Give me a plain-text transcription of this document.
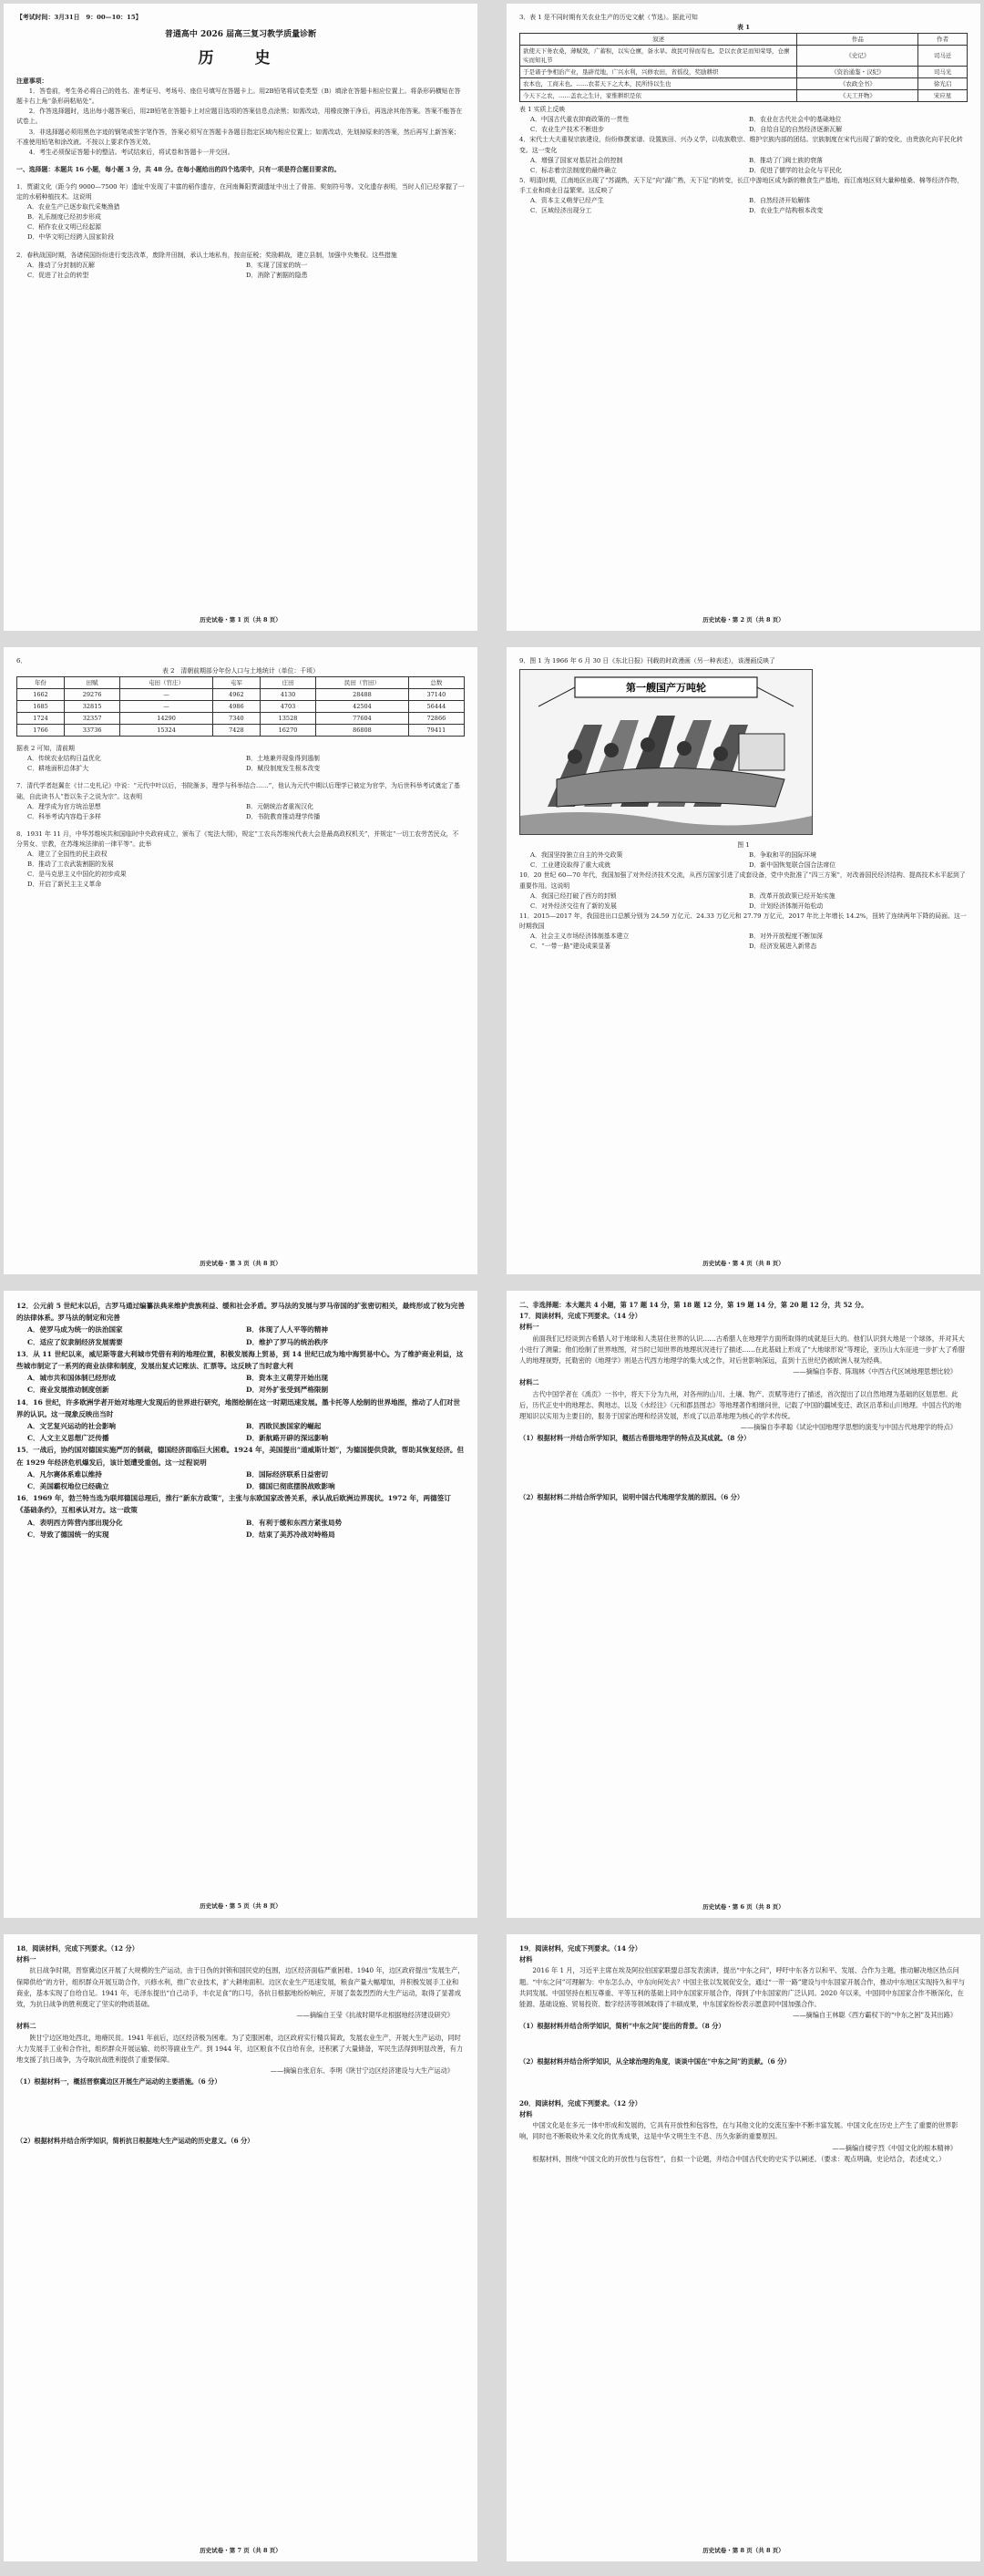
【考试时间：3月31日　9：00—10：15】

普通高中 2026 届高三复习教学质量诊断
历　史

注意事项：

1．答卷前，考生务必将自己的姓名、准考证号、考场号、座位号填写在答题卡上。用2B铅笔将试卷类型（B）填涂在答题卡相应位置上。将条形码横贴在答题卡右上角“条形码粘贴处”。

2．作答选择题时，选出每小题答案后，用2B铅笔在答题卡上对应题目选项的答案信息点涂黑；如需改动，用橡皮擦干净后，再选涂其他答案。答案不能答在试卷上。

3．非选择题必须用黑色字迹的钢笔或签字笔作答，答案必须写在答题卡各题目指定区域内相应位置上；如需改动，先划掉原来的答案，然后再写上新答案；不准使用铅笔和涂改液。不按以上要求作答无效。

4．考生必须保证答题卡的整洁。考试结束后，将试卷和答题卡一并交回。

一、选择题：本题共 16 小题，每小题 3 分，共 48 分。在每小题给出的四个选项中，只有一项是符合题目要求的。

1．贾湖文化（距今约 9000—7500 年）遗址中发现了丰富的稻作遗存，在河南舞阳贾湖遗址中出土了骨笛、契刻符号等。文化遗存表明，当时人们已经掌握了一定的水稻种植技术。这说明

A．农业生产已逐步取代采集渔猎

B．礼乐制度已经初步形成

C．稻作农业文明已经起源

D．中华文明已经跨入国家阶段

2．春秋战国时期，各诸侯国纷纷进行变法改革，废除井田制，承认土地私有，按亩征税；奖励耕战，建立县制，加强中央集权。这些措施

A．推动了分封制的瓦解	B．实现了国家的统一

C．促进了社会的转型	D．消除了割据的隐患

历史试卷・第 1 页（共 8 页）

3．表 1 是不同时期有关农业生产的历史文献（节选）。据此可知

表 1

叙述	作品	作者
欲使天下务农桑，薄赋敛，广蓄积，以实仓廪，备水旱。故民可得而有也。是以衣食足而知荣辱，仓廪实而知礼节	《史记》	司马迁
于是诸子争相治产业，垦辟荒地，广兴水利，兴修农田，省徭役，奖励耕织	《资治通鉴・汉纪》	司马光
农本也，工商末也。……农者天下之大本，民所恃以生也	《农政全书》	徐光启
今天下之农，……盖农之生计，家惟耕织是依	《天工开物》	宋应星

表 1 实质上反映

A．中国古代重农抑商政策的一贯性	B．农业在古代社会中的基础地位

C．农业生产技术不断进步	D．自给自足的自然经济逐渐瓦解

4．宋代士大夫重视宗族建设，纷纷修撰家谱、设置族田、兴办义学，以收族敬宗、维护宗族内部的团结。宗族制度在宋代出现了新的变化，由贵族化向平民化转变。这一变化

A．增强了国家对基层社会的控制	B．推动了门阀士族的衰落

C．标志着宗法制度的最终确立	D．促进了儒学的社会化与平民化

5．明清时期，江南地区出现了“苏湖熟，天下足”向“湖广熟，天下足”的转变，长江中游地区成为新的粮食生产基地，而江南地区则大量种植桑、棉等经济作物，手工业和商业日益繁荣。这反映了

A．资本主义萌芽已经产生	B．自然经济开始解体

C．区域经济出现分工	D．农业生产结构根本改变

历史试卷・第 2 页（共 8 页）

6．

表 2　清朝前期部分年份人口与土地统计（单位：千顷）

年份	田赋	屯田（官庄）	屯军	庄田	民田（官田）	总数
1662	29276	—	4962	4130	28488	37140
1685	32815	—	4986	4703	42504	56444
1724	32357	14290	7340	13528	77604	72866
1766	33736	15324	7428	16270	86808	79411

据表 2 可知，清前期

A．传统农业结构日益优化	B．土地兼并现象得到遏制

C．耕地面积总体扩大	D．赋役制度发生根本改变

7．清代学者赵翼在《廿二史札记》中说：“元代中叶以后，书院渐多，理学与科举结合……”，他认为元代中期以后理学已被定为官学，为后世科举考试奠定了基础，自此读书人“皆以朱子之说为宗”。这表明

A．理学成为官方统治思想	B．元朝统治者重视汉化

C．科举考试内容趋于多样	D．书院教育推动理学传播

8．1931 年 11 月，中华苏维埃共和国临时中央政府成立，颁布了《宪法大纲》，规定“工农兵苏维埃代表大会是最高政权机关”，并规定“一切工农劳苦民众，不分男女、宗教，在苏维埃法律前一律平等”。此举

A．建立了全国性的民主政权

B．推动了工农武装割据的发展

C．是马克思主义中国化的初步成果

D．开启了新民主主义革命

历史试卷・第 3 页（共 8 页）

9．图 1 为 1966 年 6 月 30 日《东北日报》刊载的时政漫画（另一种表述），该漫画反映了

第一艘国产万吨轮

图 1

A．我国坚持独立自主的外交政策	B．争取和平的国际环境

C．工业建设取得了重大成就	D．新中国恢复联合国合法席位

10．20 世纪 60—70 年代，我国加强了对外经济技术交流，从西方国家引进了成套设备，党中央批准了“四三方案”，对改善国民经济结构、提高技术水平起到了重要作用。这说明

A．我国已经打破了西方的封锁	B．改革开放政策已经开始实施

C．对外经济交往有了新的发展	D．计划经济体制开始松动

11．2015—2017 年，我国进出口总额分别为 24.59 万亿元、24.33 万亿元和 27.79 万亿元，2017 年比上年增长 14.2%，扭转了连续两年下降的局面。这一时期我国

A．社会主义市场经济体制基本建立	B．对外开放程度不断加深

C．“一带一路”建设成果显著	D．经济发展进入新常态

历史试卷・第 4 页（共 8 页）

12．公元前 5 世纪末以后，古罗马通过编纂法典来维护贵族利益、缓和社会矛盾。罗马法的发展与罗马帝国的扩张密切相关，最终形成了较为完善的法律体系。罗马法的制定和完善

A．使罗马成为统一的法治国家	B．体现了人人平等的精神

C．适应了奴隶制经济发展需要	D．维护了罗马的统治秩序

13．从 11 世纪以来，威尼斯等意大利城市凭借有利的地理位置，积极发展海上贸易，到 14 世纪已成为地中海贸易中心。为了维护商业利益，这些城市制定了一系列的商业法律和制度，发展出复式记账法、汇票等。这反映了当时意大利

A．城市共和国体制已经形成	B．资本主义萌芽开始出现

C．商业发展推动制度创新	D．对外扩张受到严格限制

14．16 世纪，许多欧洲学者开始对地理大发现后的世界进行研究，地图绘制在这一时期迅速发展。墨卡托等人绘制的世界地图，推动了人们对世界的认识。这一现象反映出当时

A．文艺复兴运动的社会影响	B．西欧民族国家的崛起

C．人文主义思想广泛传播	D．新航路开辟的深远影响

15．一战后，协约国对德国实施严厉的制裁，德国经济面临巨大困难。1924 年，美国提出“道威斯计划”，为德国提供贷款，帮助其恢复经济。但在 1929 年经济危机爆发后，该计划遭受重创。这一过程说明

A．凡尔赛体系难以维持	B．国际经济联系日益密切

C．美国霸权地位已经确立	D．德国已彻底摆脱战败影响

16．1969 年，勃兰特当选为联邦德国总理后，推行“新东方政策”，主张与东欧国家改善关系，承认战后欧洲边界现状。1972 年，两德签订《基础条约》，互相承认对方。这一政策

A．表明西方阵营内部出现分化	B．有利于缓和东西方紧张局势

C．导致了德国统一的实现	D．结束了美苏冷战对峙格局

历史试卷・第 5 页（共 8 页）

二、非选择题：本大题共 4 小题，第 17 题 14 分，第 18 题 12 分，第 19 题 14 分，第 20 题 12 分，共 52 分。

17．阅读材料，完成下列要求。（14 分）

材料一

前面我们已经谈到古希腊人对于地球和人类居住世界的认识……古希腊人在地理学方面所取得的成就是巨大的。他们认识到大地是一个球体，并对其大小进行了测量；他们绘制了世界地图，对当时已知世界的地理状况进行了描述……在此基础上形成了“大地球形说”等理论，亚历山大东征进一步扩大了希腊人的地理视野，托勒密的《地理学》则是古代西方地理学的集大成之作，对后世影响深远，直到十五世纪仍被欧洲人视为经典。

——摘编自李春、陈瑞林《中西古代区域地理思想比较》

材料二

古代中国学者在《禹贡》一书中，将天下分为九州，对各州的山川、土壤、物产、贡赋等进行了描述，首次提出了以自然地理为基础的区划思想。此后，历代正史中的地理志、舆地志，以及《水经注》《元和郡县图志》等地理著作相继问世，记载了中国的疆域变迁、政区沿革和山川地理。中国古代的地理知识以实用为主要目的，服务于国家治理和经济发展，形成了以沿革地理为核心的学术传统。

——摘编自李孝聪《试论中国地理学思想的演变与中国古代地理学的特点》

（1）根据材料一并结合所学知识，概括古希腊地理学的特点及其成就。（8 分）

（2）根据材料二并结合所学知识，说明中国古代地理学发展的原因。（6 分）

历史试卷・第 6 页（共 8 页）

18．阅读材料，完成下列要求。（12 分）

材料一

抗日战争时期，晋察冀边区开展了大规模的生产运动，由于日伪的封锁和国民党的包围，边区经济面临严重困难。1940 年，边区政府提出“发展生产，保障供给”的方针，组织群众开展互助合作，兴修水利，推广农业技术，扩大耕地面积。边区农业生产迅速发展，粮食产量大幅增加，并积极发展手工业和商业，基本实现了自给自足。1941 年，毛泽东提出“自己动手，丰衣足食”的口号，各抗日根据地纷纷响应，开展了轰轰烈烈的大生产运动，取得了显著成效，为抗日战争的胜利奠定了坚实的物质基础。

——摘编自王莹《抗战时期华北根据地经济建设研究》

材料二

陕甘宁边区地处西北，地瘠民贫。1941 年前后，边区经济极为困难。为了克服困难，边区政府实行精兵简政，发展农业生产，开展大生产运动，同时大力发展手工业和合作社，组织群众开展运输、纺织等副业生产。到 1944 年，边区粮食不仅自给有余，还积累了大量储备，军民生活得到明显改善，有力地支援了抗日战争，为夺取抗战胜利提供了重要保障。

——摘编自张启东、李明《陕甘宁边区经济建设与大生产运动》

（1）根据材料一，概括晋察冀边区开展生产运动的主要措施。（6 分）

（2）根据材料并结合所学知识，简析抗日根据地大生产运动的历史意义。（6 分）

历史试卷・第 7 页（共 8 页）

19．阅读材料，完成下列要求。（14 分）

材料

2016 年 1 月，习近平主席在埃及阿拉伯国家联盟总部发表演讲，提出“中东之问”，呼吁中东各方以和平、发展、合作为主题，推动解决地区热点问题。“中东之问”可理解为：中东怎么办，中东向何处去？中国主张以发展促安全，通过“一带一路”建设与中东国家开展合作，推动中东地区实现持久和平与共同发展。中国坚持在相互尊重、平等互利的基础上同中东国家开展合作，得到了中东国家的广泛认同。2020 年以来，中国同中东国家合作不断深化，在能源、基础设施、贸易投资、数字经济等领域取得了丰硕成果，中东国家纷纷表示愿意同中国加强合作。

——摘编自王林聪《西方霸权下的“中东之困”及其出路》

（1）根据材料并结合所学知识，简析“中东之问”提出的背景。（8 分）

（2）根据材料并结合所学知识，从全球治理的角度，谈谈中国在“中东之问”的贡献。（6 分）

20．阅读材料，完成下列要求。（12 分）

材料

中国文化是在多元一体中形成和发展的，它具有开放性和包容性，在与其他文化的交流互鉴中不断丰富发展。中国文化在历史上产生了重要的世界影响，同时也不断吸收外来文化的优秀成果，这是中华文明生生不息、历久弥新的重要原因。

——摘编自楼宇烈《中国文化的根本精神》

根据材料，围绕“中国文化的开放性与包容性”，自拟一个论题，并结合中国古代史的史实予以阐述。（要求：观点明确，史论结合，表述成文。）

历史试卷・第 8 页（共 8 页）
